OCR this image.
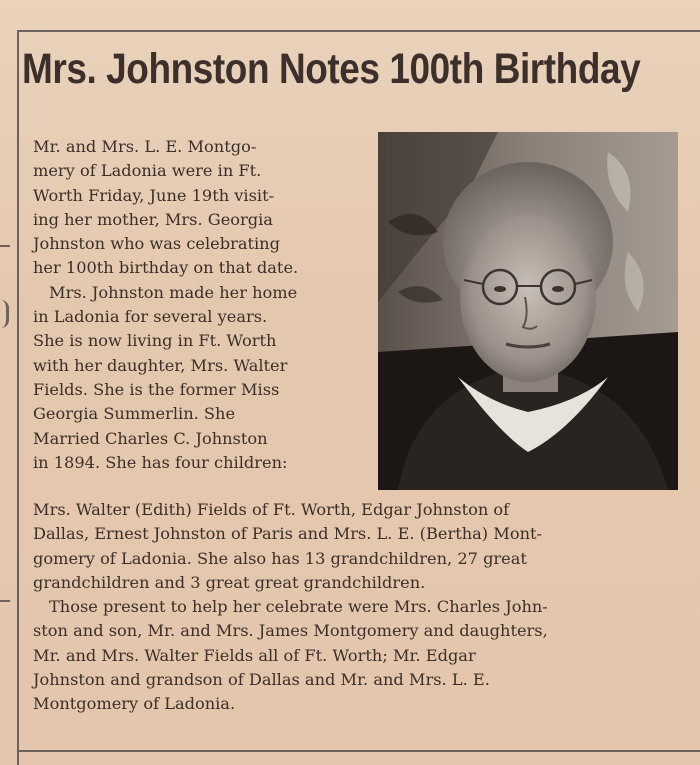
Mrs. Johnston Notes 100th Birthday
Mr. and Mrs. L. E. Montgo-
mery of Ladonia were in Ft.
Worth Friday, June 19th visit-
ing her mother, Mrs. Georgia
Johnston who was celebrating
her 100th birthday on that date.
Mrs. Johnston made her home
in Ladonia for several years.
She is now living in Ft. Worth
with her daughter, Mrs. Walter
Fields. She is the former Miss
Georgia Summerlin. She
Married Charles C. Johnston
in 1894. She has four children:
Mrs. Walter (Edith) Fields of Ft. Worth, Edgar Johnston of
Dallas, Ernest Johnston of Paris and Mrs. L. E. (Bertha) Mont-
gomery of Ladonia. She also has 13 grandchildren, 27 great
grandchildren and 3 great great grandchildren.
Those present to help her celebrate were Mrs. Charles John-
ston and son, Mr. and Mrs. James Montgomery and daughters,
Mr. and Mrs. Walter Fields all of Ft. Worth; Mr. Edgar
Johnston and grandson of Dallas and Mr. and Mrs. L. E.
Montgomery of Ladonia.
